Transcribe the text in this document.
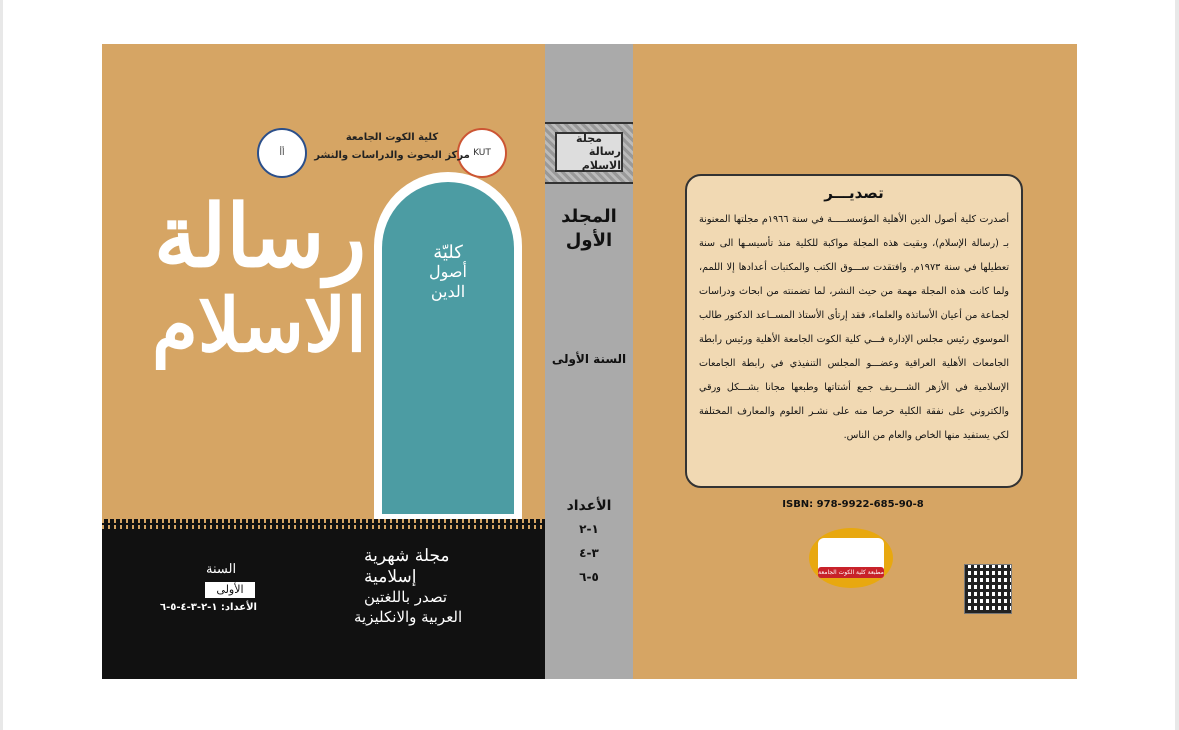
رسالة
الاسلام
أأ	KUT
كلية الكوت الجامعة
مركز البحوث والدراسات والنشر
كليّة
أصول
الدين
مجلة شهرية
إسلامية
تصدر باللغتين
العربية والانكليزية
السنة
الأولى
الأعداد: ١-٢-٣-٤-٥-٦
مجلة
رسالة الاسلام
المجلد
الأول
السنة الأولى
الأعداد
١-٢
٣-٤
٥-٦
تصديـــر

أصدرت كلية أصول الدين الأهلية المؤسســـــة في سنة ١٩٦٦م مجلتها المعنونة بـ (رسالة الإسلام)، وبقيت هذه المجلة مواكبة للكلية منذ تأسيسـها الى سنة تعطيلها في سنة ١٩٧٣م. وافتقدت ســـوق الكتب والمكتبات أعدادها إلا اللمم، ولما كانت هذه المجلة مهمة من حيث النشر، لما تضمنته من ابحاث ودراسات لجماعة من أعيان الأساتذة والعلماء، فقد إرتأى الأستاذ المســاعد الدكتور طالب الموسوي رئيس مجلس الإدارة فـــي كلية الكوت الجامعة الأهلية ورئيس رابطة الجامعات الأهلية العراقية وعضـــو المجلس التنفيذي في رابطة الجامعات الإسلامية في الأزهر الشـــريف جمع أشتاتها وطبعها مجانا بشـــكل ورقي والكتروني على نفقة الكلية حرصا منه على نشـر العلوم والمعارف المختلفة لكي يستفيد منها الخاص والعام من الناس.

ISBN: 978-9922-685-90-8
مطبعة كلية الكوت الجامعة
